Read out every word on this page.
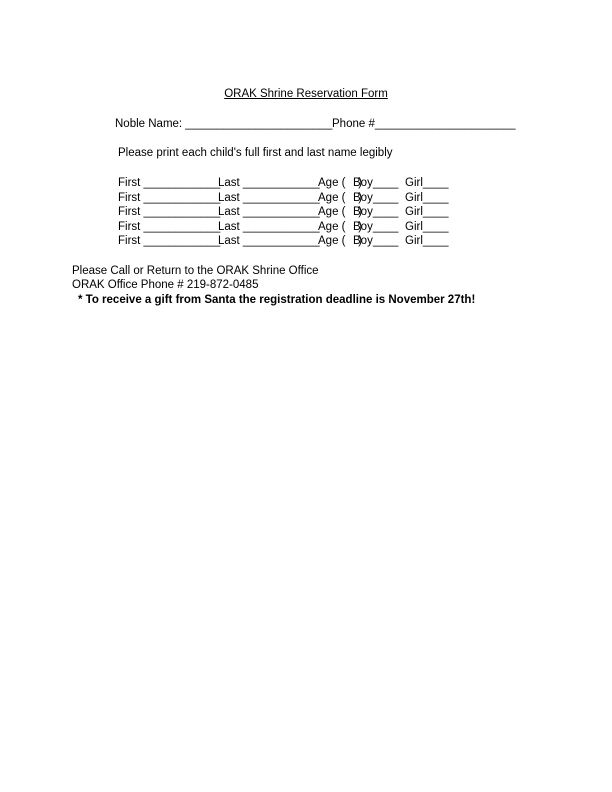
ORAK Shrine Reservation Form
Noble Name: _______________________ Phone #______________________
Please print each child's full first and last name legibly

First ____________

Last ____________

Age (    )

Boy____

Girl____

First ____________

Last ____________

Age (    )

Boy____

Girl____

First ____________

Last ____________

Age (    )

Boy____

Girl____

First ____________

Last ____________

Age (    )

Boy____

Girl____

First ____________

Last ____________

Age (    )

Boy____

Girl____

Please Call or Return to the ORAK Shrine Office
ORAK Office Phone # 219-872-0485
* To receive a gift from Santa the registration deadline is November 27th!
